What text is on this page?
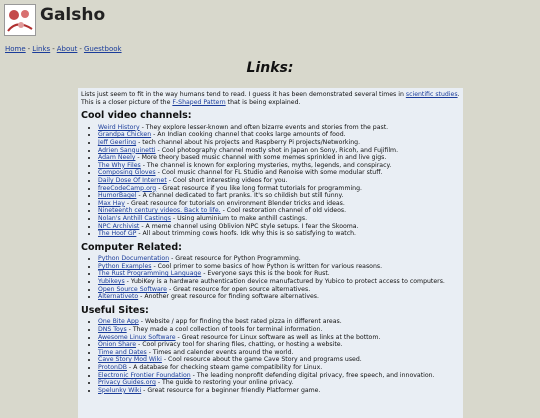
Galsho
Home - Links - About - Guestbook
Links:

Lists just seem to fit in the way humans tend to read. I guess it has been demonstrated several times in scientific studies. This is a closer picture of the F-Shaped Pattern that is being explained.

Cool video channels:
• Weird History - They explore lesser-known and often bizarre events and stories from the past.
• Grandpa Chicken - An Indian cooking channel that cooks large amounts of food.
• Jeff Geerling - tech channel about his projects and Raspberry Pi projects/Networking.
• Adrien Sanguinetti - Cool photography channel mostly shot in Japan on Sony, Ricoh, and Fujifilm.
• Adam Neely - More theory based music channel with some memes sprinkled in and live gigs.
• The Why Files - The channel is known for exploring mysteries, myths, legends, and conspiracy.
• Composing Gloves - Cool music channel for FL Studio and Renoise with some modular stuff.
• Daily Dose Of Internet - Cool short interesting videos for you.
• freeCodeCamp.org - Great resource if you like long format tutorials for programming.
• HumorBagel - A channel dedicated to fart pranks. It's so childish but still funny.
• Max Hay - Great resource for tutorials on environment Blender tricks and ideas.
• Nineteenth century videos. Back to life. - Cool restoration channel of old videos.
• Nolan's Anthill Castings - Using aluminium to make anthill castings.
• NPC Archivist - A meme channel using Oblivion NPC style setups. I fear the Skooma.
• The Hoof GP - All about trimming cows hoofs. Idk why this is so satisfying to watch.
Computer Related:
• Python Documentation - Great resource for Python Programming.
• Python Examples - Cool primer to some basics of how Python is written for various reasons.
• The Rust Programming Language - Everyone says this is the book for Rust.
• Yubikeys - YubiKey is a hardware authentication device manufactured by Yubico to protect access to computers.
• Open Source Software - Great resource for open source alternatives.
• Alternativeto - Another great resource for finding software alternatives.
Useful Sites:
• One Bite App - Website / app for finding the best rated pizza in different areas.
• DNS Toys - They made a cool collection of tools for terminal information.
• Awesome Linux Software - Great resource for Linux software as well as links at the bottom.
• Onion Share - Cool privacy tool for sharing files, chatting, or hosting a website.
• Time and Dates - Times and calender events around the world.
• Cave Story Mod Wiki - Cool resource about the game Cave Story and programs used.
• ProtonDB - A database for checking steam game compatibility for Linux.
• Electronic Frontier Foundation - The leading nonprofit defending digital privacy, free speech, and innovation.
• Privacy Guides.org - The guide to restoring your online privacy.
• Spelunky Wiki - Great resource for a beginner friendly Platformer game.
